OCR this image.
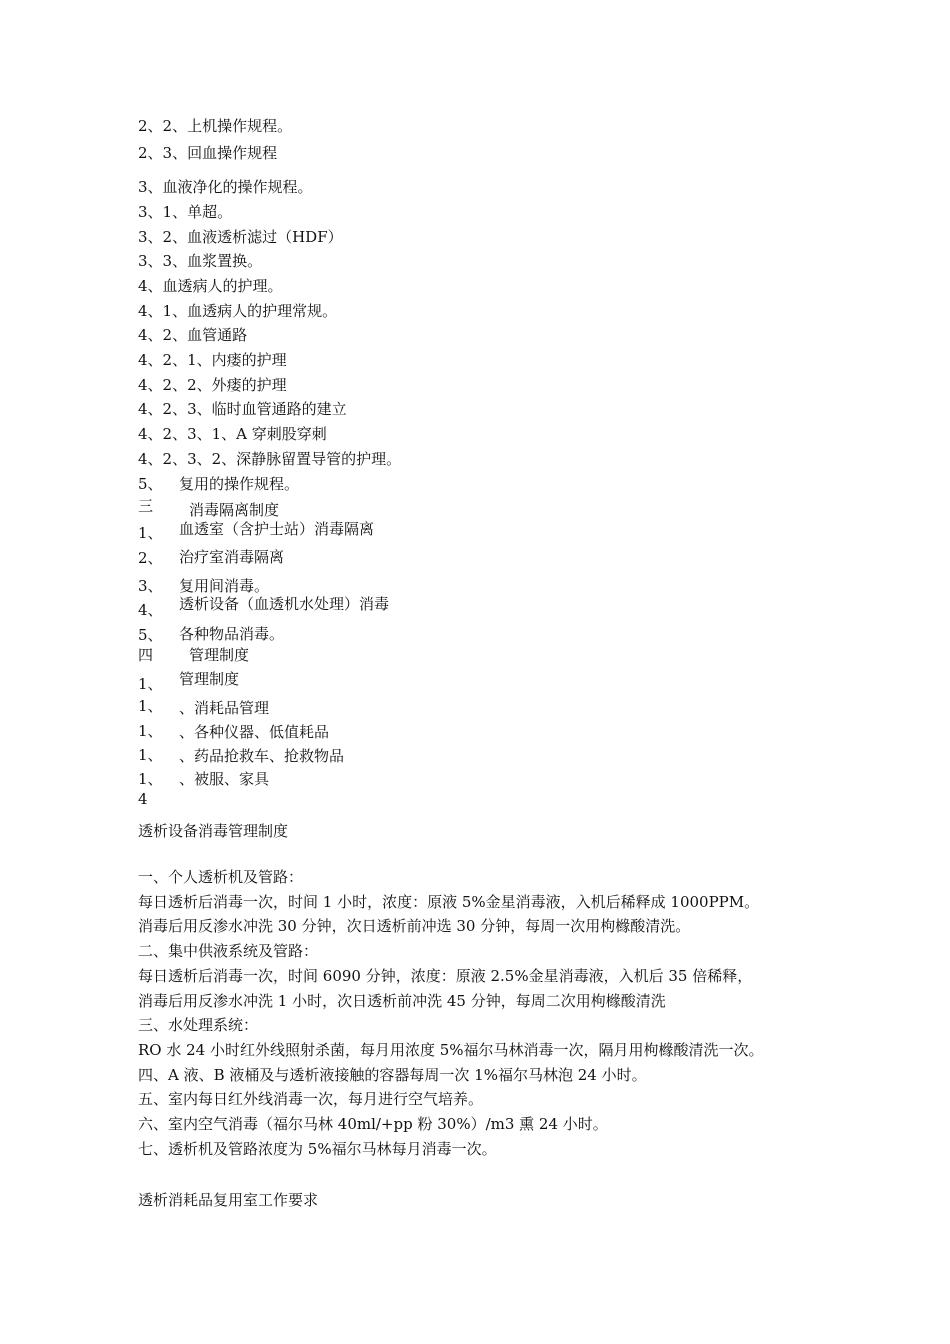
2、2、上机操作规程。
2、3、回血操作规程
3、血液净化的操作规程。
3、1、单超。
3、2、血液透析滤过（HDF）
3、3、血浆置换。
4、血透病人的护理。
4、1、血透病人的护理常规。
4、2、血管通路
4、2、1、内瘘的护理
4、2、2、外瘘的护理
4、2、3、临时血管通路的建立
4、2、3、1、A 穿刺股穿刺
4、2、3、2、深静脉留置导管的护理。
5、 复用的操作规程。
三 消毒隔离制度
1、 血透室（含护士站）消毒隔离
2、 治疗室消毒隔离
3、 复用间消毒。
4、 透析设备（血透机水处理）消毒
5、 各种物品消毒。
四 管理制度
1、 管理制度
1、 、消耗品管理
1、 、各种仪器、低值耗品
1、 、药品抢救车、抢救物品
1、 、被服、家具
4
透析设备消毒管理制度
一、个人透析机及管路：
每日透析后消毒一次，时间 1 小时，浓度：原液 5%金星消毒液，入机后稀释成 1000PPM。
消毒后用反渗水冲洗 30 分钟，次日透析前冲选 30 分钟，每周一次用枸橼酸清洗。
二、集中供液系统及管路：
每日透析后消毒一次，时间 6090 分钟，浓度：原液 2.5%金星消毒液，入机后 35 倍稀释，
消毒后用反渗水冲洗 1 小时，次日透析前冲洗 45 分钟，每周二次用枸橼酸清洗
三、水处理系统：
RO 水 24 小时红外线照射杀菌，每月用浓度 5%福尔马林消毒一次，隔月用枸橼酸清洗一次。
四、A 液、B 液桶及与透析液接触的容器每周一次 1%福尔马林泡 24 小时。
五、室内每日红外线消毒一次，每月进行空气培养。
六、室内空气消毒（福尔马林 40ml/+pp 粉 30%）/m3 熏 24 小时。
七、透析机及管路浓度为 5%福尔马林每月消毒一次。
透析消耗品复用室工作要求
